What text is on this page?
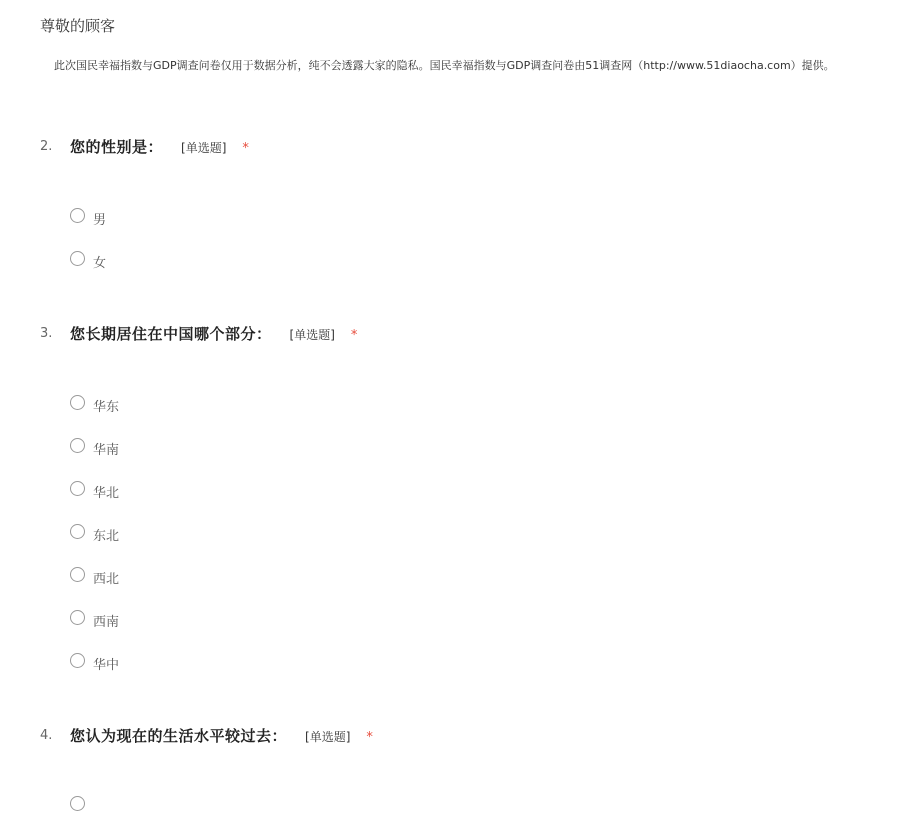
尊敬的顾客
此次国民幸福指数与GDP调查问卷仅用于数据分析，纯不会透露大家的隐私。国民幸福指数与GDP调查问卷由51调查网（http://www.51diaocha.com）提供。
2. 您的性别是： [单选题] *
男
女
3. 您长期居住在中国哪个部分： [单选题] *
华东
华南
华北
东北
西北
西南
华中
4. 您认为现在的生活水平较过去： [单选题] *
